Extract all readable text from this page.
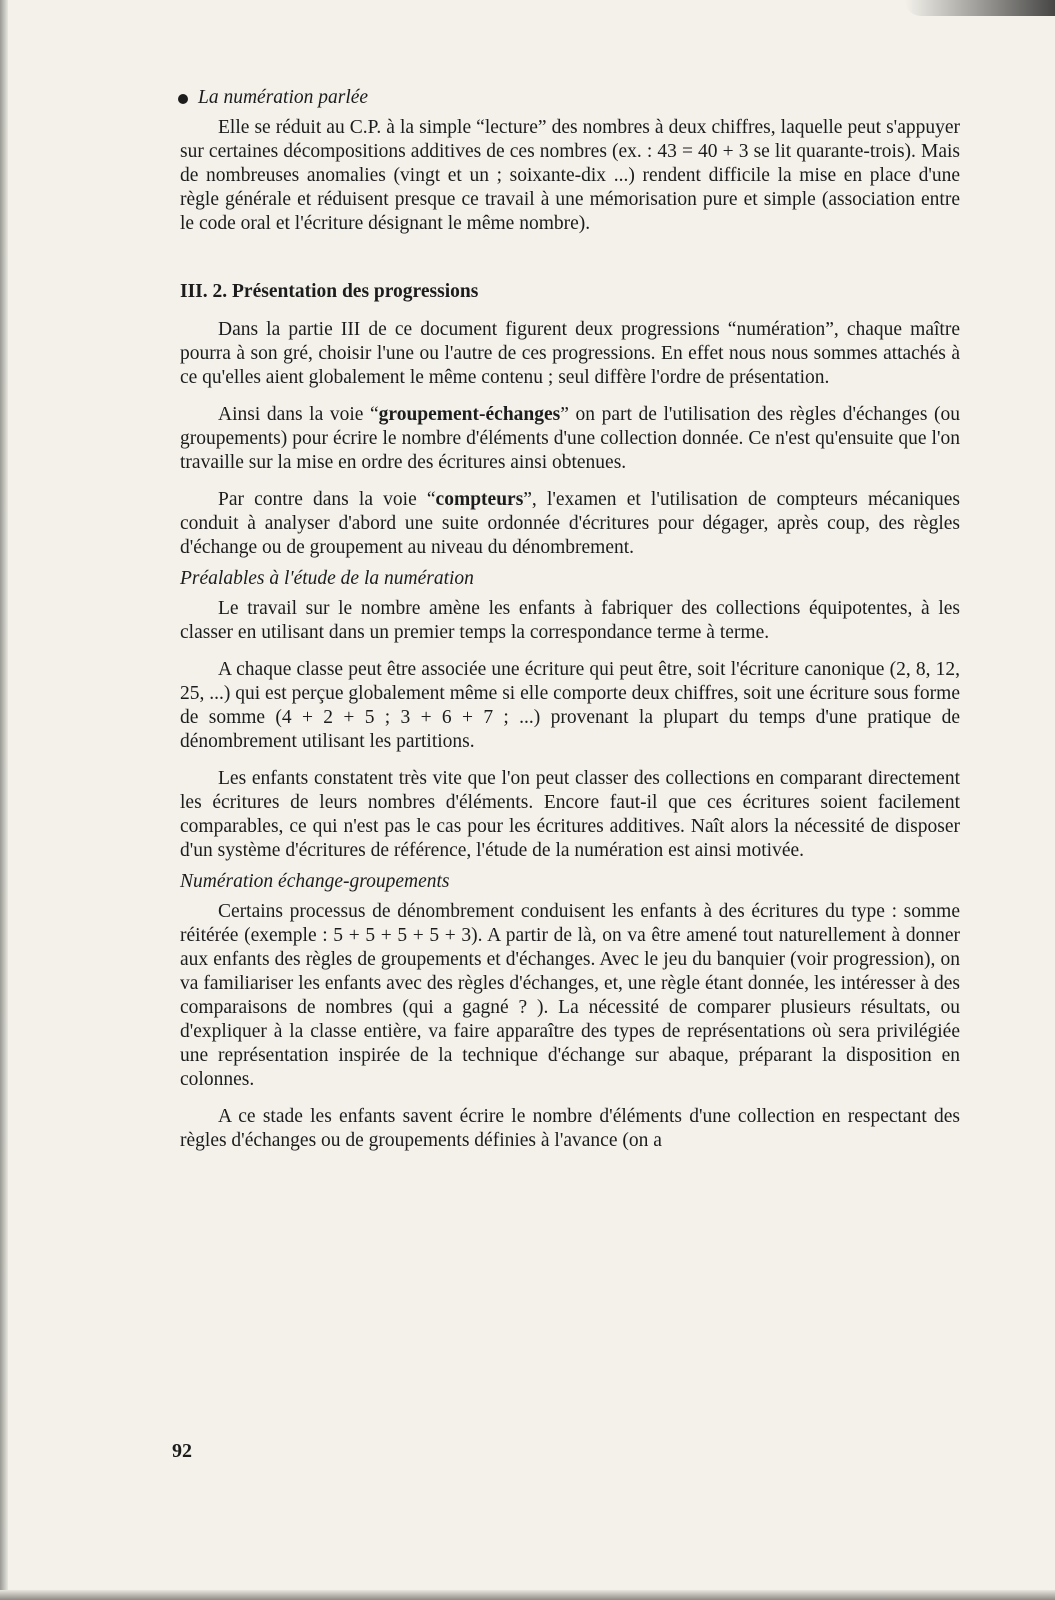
La numération parlée

Elle se réduit au C.P. à la simple “lecture” des nombres à deux chiffres, laquelle peut s'appuyer sur certaines décompositions additives de ces nombres (ex. : 43 = 40 + 3 se lit quarante-trois). Mais de nombreuses anomalies (vingt et un ; soixante-dix ...) rendent difficile la mise en place d'une règle générale et réduisent presque ce travail à une mémorisation pure et simple (association entre le code oral et l'écriture désignant le même nombre).

III. 2. Présentation des progressions

Dans la partie III de ce document figurent deux progressions “numération”, chaque maître pourra à son gré, choisir l'une ou l'autre de ces progressions. En effet nous nous sommes attachés à ce qu'elles aient globalement le même contenu ; seul diffère l'ordre de présentation.

Ainsi dans la voie “groupement-échanges” on part de l'utilisation des règles d'échanges (ou groupements) pour écrire le nombre d'éléments d'une collection donnée. Ce n'est qu'ensuite que l'on travaille sur la mise en ordre des écritures ainsi obtenues.

Par contre dans la voie “compteurs”, l'examen et l'utilisation de compteurs mécaniques conduit à analyser d'abord une suite ordonnée d'écritures pour dégager, après coup, des règles d'échange ou de groupement au niveau du dénombrement.

Préalables à l'étude de la numération

Le travail sur le nombre amène les enfants à fabriquer des collections équipotentes, à les classer en utilisant dans un premier temps la correspondance terme à terme.

A chaque classe peut être associée une écriture qui peut être, soit l'écriture canonique (2, 8, 12, 25, ...) qui est perçue globalement même si elle comporte deux chiffres, soit une écriture sous forme de somme (4 + 2 + 5 ; 3 + 6 + 7 ; ...) provenant la plupart du temps d'une pratique de dénombrement utilisant les partitions.

Les enfants constatent très vite que l'on peut classer des collections en comparant directement les écritures de leurs nombres d'éléments. Encore faut-il que ces écritures soient facilement comparables, ce qui n'est pas le cas pour les écritures additives. Naît alors la nécessité de disposer d'un système d'écritures de référence, l'étude de la numération est ainsi motivée.

Numération échange-groupements

Certains processus de dénombrement conduisent les enfants à des écritures du type : somme réitérée (exemple : 5 + 5 + 5 + 5 + 3). A partir de là, on va être amené tout naturellement à donner aux enfants des règles de groupements et d'échanges. Avec le jeu du banquier (voir progression), on va familiariser les enfants avec des règles d'échanges, et, une règle étant donnée, les intéresser à des comparaisons de nombres (qui a gagné ? ). La nécessité de comparer plusieurs résultats, ou d'expliquer à la classe entière, va faire apparaître des types de représentations où sera privilégiée une représentation inspirée de la technique d'échange sur abaque, préparant la disposition en colonnes.

A ce stade les enfants savent écrire le nombre d'éléments d'une collection en respectant des règles d'échanges ou de groupements définies à l'avance (on a

92
